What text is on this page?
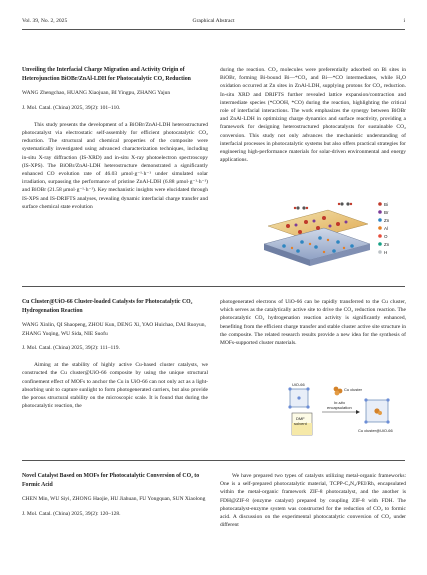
Vol. 39, No. 2, 2025	Graphical Abstract	i

Unveiling the Interfacial Charge Migration and Activity Origin of Heterojunction BiOBr/ZnAl-LDH for Photocatalytic CO₂ Reduction

WANG Zhengchao, HUANG Xiaojuan, BI Yingpu, ZHANG Yajun
J. Mol. Catal. (China) 2025, 39(2): 101–110.

This study presents the development of a BiOBr/ZnAl-LDH heterostructured photocatalyst via electrostatic self-assembly for efficient photocatalytic CO₂ reduction. The structural and chemical properties of the composite were systematically investigated using advanced characterization techniques, including in-situ X-ray diffraction (IS-XRD) and in-situ X-ray photoelectron spectroscopy (IS-XPS). The BiOBr/ZnAl-LDH heterostructure demonstrated a significantly enhanced CO evolution rate of 46.03 μmol·g⁻¹·h⁻¹ under simulated solar irradiation, surpassing the performance of pristine ZnAl-LDH (6.88 μmol·g⁻¹·h⁻¹) and BiOBr (21.58 μmol·g⁻¹·h⁻¹). Key mechanistic insights were elucidated through IS-XPS and IS-DRIFTS analyses, revealing dynamic interfacial charge transfer and surface chemical state evolution

during the reaction. CO₂ molecules were preferentially adsorbed on Bi sites in BiOBr, forming Bi-bound Bi—*CO₂ and Bi—*CO intermediates, while H₂O oxidation occurred at Zn sites in ZnAl-LDH, supplying protons for CO₂ reduction. In-situ XRD and DRIFTS further revealed lattice expansion/contraction and intermediate species (*COOH, *CO) during the reaction, highlighting the critical role of interfacial interactions. The work emphasizes the synergy between BiOBr and ZnAl-LDH in optimizing charge dynamics and surface reactivity, providing a framework for designing heterostructured photocatalysts for sustainable CO₂ conversion. This study not only advances the mechanistic understanding of interfacial processes in photocatalytic systems but also offers practical strategies for engineering high-performance materials for solar-driven environmental and energy applications.

Bi
Br
Zn
Al
O
Zn
H

Cu Cluster@UiO-66 Cluster-loaded Catalysts for Photocatalytic CO₂ Hydrogenation Reaction

WANG Xinlin, QI Shaopeng, ZHOU Kun, DENG Xi, YAO Huichao, DAI Ruoyun, ZHANG Yuqing, WU Sida, NIE Suofu
J. Mol. Catal. (China) 2025, 39(2): 111–119.

Aiming at the stability of highly active Cu-based cluster catalysts, we constructed the Cu cluster@UiO-66 composite by using the unique structural confinement effect of MOFs to anchor the Cu in UiO-66 can not only act as a light-absorbing unit to capture sunlight to form photogenerated carriers, but also provide the porous structural stability on the microscopic scale. It is found that during the photocatalytic reaction, the

photogenerated electrons of UiO-66 can be rapidly transferred to the Cu cluster, which serves as the catalytically active site to drive the CO₂ reduction reaction. The photocatalytic CO₂ hydrogenation reaction activity is significantly enhanced, benefiting from the efficient charge transfer and stable cluster active site structure in the composite. The related research results provide a new idea for the synthesis of MOFs-supported cluster materials.

UiO-66
Cu cluster
In-situ
encapsulation
DMF
solvent
Cu cluster@UiO-66

Novel Catalyst Based on MOFs for Photocatalytic Conversion of CO₂ to Formic Acid

CHEN Min, WU Siyi, ZHONG Haojie, HU Jiahuan, FU Yongquan, SUN Xiaolong
J. Mol. Catal. (China) 2025, 39(2): 120–128.

We have prepared two types of catalysts utilizing metal-organic frameworks: One is a self-prepared photocatalytic material, TCPP-C₃N₄/PEI/Rh, encapsulated within the metal-organic framework ZIF-8 photocatalyst, and the another is FDH@ZIF-8 (enzyme catalyst) prepared by coupling ZIF-8 with FDH. The photocatalyst-enzyme system was constructed for the reduction of CO₂ to formic acid. A discussion on the experimental photocatalytic conversion of CO₂ under different
